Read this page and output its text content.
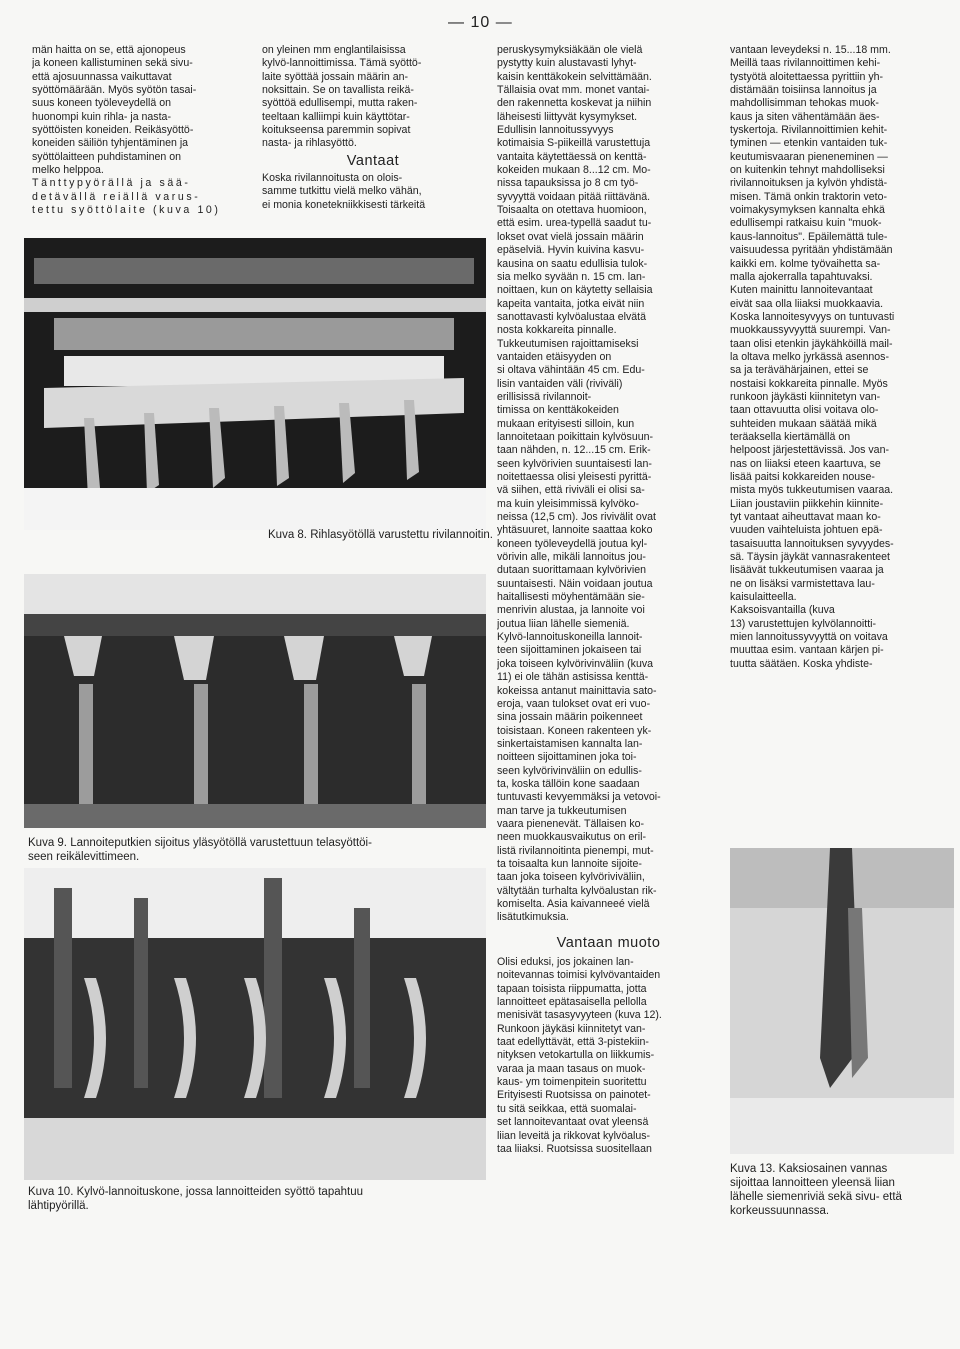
— 10 —
män haitta on se, että ajonopeus
ja koneen kallistuminen sekä sivu-
että ajosuunnassa vaikuttavat
syöttömäärään. Myös syötön tasai-
suus koneen työleveydellä on
huonompi kuin rihla- ja nasta-
syöttöisten koneiden. Reikäsyöttö-
koneiden säiliön tyhjentäminen ja
syöttölaitteen puhdistaminen on
melko helppoa.
Tänttypyörällä ja sää-
detävällä reiällä varus-
tettu syöttölaite (kuva 10)
on yleinen mm englantilaisissa
kylvö-lannoittimissa. Tämä syöttö-
laite syöttää jossain määrin an-
noksittain. Se on tavallista reikä-
syöttöä edullisempi, mutta raken-
teeltaan kalliimpi kuin käyttötar-
koitukseensa paremmin sopivat
nasta- ja rihlasyöttö.
Vantaat
Koska rivilannoitusta on olois-
samme tutkittu vielä melko vähän,
ei monia konetekniikkisesti tärkeitä
peruskysymyksiäkään ole vielä
pystytty kuin alustavasti lyhyt-
kaisin kenttäkokein selvittämään.
Tällaisia ovat mm. monet vantai-
den rakennetta koskevat ja niihin
läheisesti liittyvät kysymykset.
Edullisin lannoitussyvyys
kotimaisia S-piikeillä varustettuja
vantaita käytettäessä on kenttä-
kokeiden mukaan 8...12 cm. Mo-
nissa tapauksissa jo 8 cm työ-
syvyyttä voidaan pitää riittävänä.
Toisaalta on otettava huomioon,
että esim. urea-typellä saadut tu-
lokset ovat vielä jossain määrin
epäselviä. Hyvin kuivina kasvu-
kausina on saatu edullisia tulok-
sia melko syvään n. 15 cm. lan-
noittaen, kun on käytetty sellaisia
kapeita vantaita, jotka eivät niin
sanottavasti kylvöalustaa elvätä
nosta kokkareita pinnalle.
Tukkeutumisen rajoittamiseksi
vantaiden etäisyyden on
si oltava vähintään 45 cm. Edu-
lisin vantaiden väli (riviväli)
erillisissä rivilannoit-
timissa on kenttäkokeiden
mukaan erityisesti silloin, kun
lannoitetaan poikittain kylvösuun-
taan nähden, n. 12...15 cm. Erik-
seen kylvörivien suuntaisesti lan-
noitettaessa olisi yleisesti pyrittä-
vä siihen, että riviväli ei olisi sa-
ma kuin yleisimmissä kylvöko-
neissa (12,5 cm). Jos rivivälit ovat
yhtäsuuret, lannoite saattaa koko
koneen työleveydellä joutua kyl-
vörivin alle, mikäli lannoitus jou-
dutaan suorittamaan kylvörivien
suuntaisesti. Näin voidaan joutua
haitallisesti möyhentämään sie-
menrivin alustaa, ja lannoite voi
joutua liian lähelle siemeniä.
Kylvö-lannoituskoneilla lannoit-
teen sijoittaminen jokaiseen tai
joka toiseen kylvörivinväliin (kuva
11) ei ole tähän astisissa kenttä-
kokeissa antanut mainittavia sato-
eroja, vaan tulokset ovat eri vuo-
sina jossain määrin poikenneet
toisistaan. Koneen rakenteen yk-
sinkertaistamisen kannalta lan-
noitteen sijoittaminen joka toi-
seen kylvörivinväliin on edullis-
ta, koska tällöin kone saadaan
tuntuvasti kevyemmäksi ja vetovoi-
man tarve ja tukkeutumisen
vaara pienenevät. Tällaisen ko-
neen muokkausvaikutus on eril-
listä rivilannoitinta pienempi, mut-
ta toisaalta kun lannoite sijoite-
taan joka toiseen kylvöriviväliin,
vältytään turhalta kylvöalustan rik-
komiselta. Asia kaivanneeé vielä
lisätutkimuksia.
Vantaan muoto
Olisi eduksi, jos jokainen lan-
noitevannas toimisi kylvövantaiden
tapaan toisista riippumatta, jotta
lannoitteet epätasaisella pellolla
menisivät tasasyvyyteen (kuva 12).
Runkoon jäykäsi kiinnitetyt van-
taat edellyttävät, että 3-pistekiin-
nityksen vetokartulla on liikkumis-
varaa ja maan tasaus on muok-
kaus- ym toimenpitein suoritettu
Erityisesti Ruotsissa on painotet-
tu sitä seikkaa, että suomalai-
set lannoitevantaat ovat yleensä
liian leveitä ja rikkovat kylvöalus-
taa liiaksi. Ruotsissa suositellaan
vantaan leveydeksi n. 15...18 mm.
Meillä taas rivilannoittimen kehi-
tystyötä aloitettaessa pyrittiin yh-
distämään toisiinsa lannoitus ja
mahdollisimman tehokas muok-
kaus ja siten vähentämään äes-
tyskertoja. Rivilannoittimien kehit-
tyminen — etenkin vantaiden tuk-
keutumisvaaran pieneneminen —
on kuitenkin tehnyt mahdolliseksi
rivilannoituksen ja kylvön yhdistä-
misen. Tämä onkin traktorin veto-
voimakysymyksen kannalta ehkä
edullisempi ratkaisu kuin "muok-
kaus-lannoitus". Epäilemättä tule-
vaisuudessa pyritään yhdistämään
kaikki em. kolme työvaihetta sa-
malla ajokerralla tapahtuvaksi.
Kuten mainittu lannoitevantaat
eivät saa olla liiaksi muokkaavia.
Koska lannoitesyvyys on tuntuvasti
muokkaussyvyyttä suurempi. Van-
taan olisi etenkin jäykähköillä mail-
la oltava melko jyrkässä asennos-
sa ja terävähärjainen, ettei se
nostaisi kokkareita pinnalle. Myös
runkoon jäykästi kiinnitetyn van-
taan ottavuutta olisi voitava olo-
suhteiden mukaan säätää mikä
teräaksella kiertämällä on
helpoost järjestettävissä. Jos van-
nas on liiaksi eteen kaartuva, se
lisää paitsi kokkareiden nouse-
mista myös tukkeutumisen vaaraa.
Liian joustaviin piikkehin kiinnite-
tyt vantaat aiheuttavat maan ko-
vuuden vaihteluista johtuen epä-
tasaisuutta lannoituksen syvyydes-
sä. Täysin jäykät vannasrakenteet
lisäävät tukkeutumisen vaaraa ja
ne on lisäksi varmistettava lau-
kaisulaitteella.
Kaksoisvantailla (kuva
13) varustettujen kylvölannoitti-
mien lannoitussyvyyttä on voitava
muuttaa esim. vantaan kärjen pi-
tuutta säätäen. Koska yhdiste-
Kuva 8. Rihlasyötöllä varustettu rivilannoitin.
Kuva 9. Lannoiteputkien sijoitus yläsyötöllä varustettuun telasyöttöi-
seen reikälevittimeen.
Kuva 10. Kylvö-lannoituskone, jossa lannoitteiden syöttö tapahtuu
lähtipyörillä.
Kuva 13. Kaksiosainen vannas
sijoittaa lannoitteen yleensä liian
lähelle siemenriviä sekä sivu- että
korkeussuunnassa.
